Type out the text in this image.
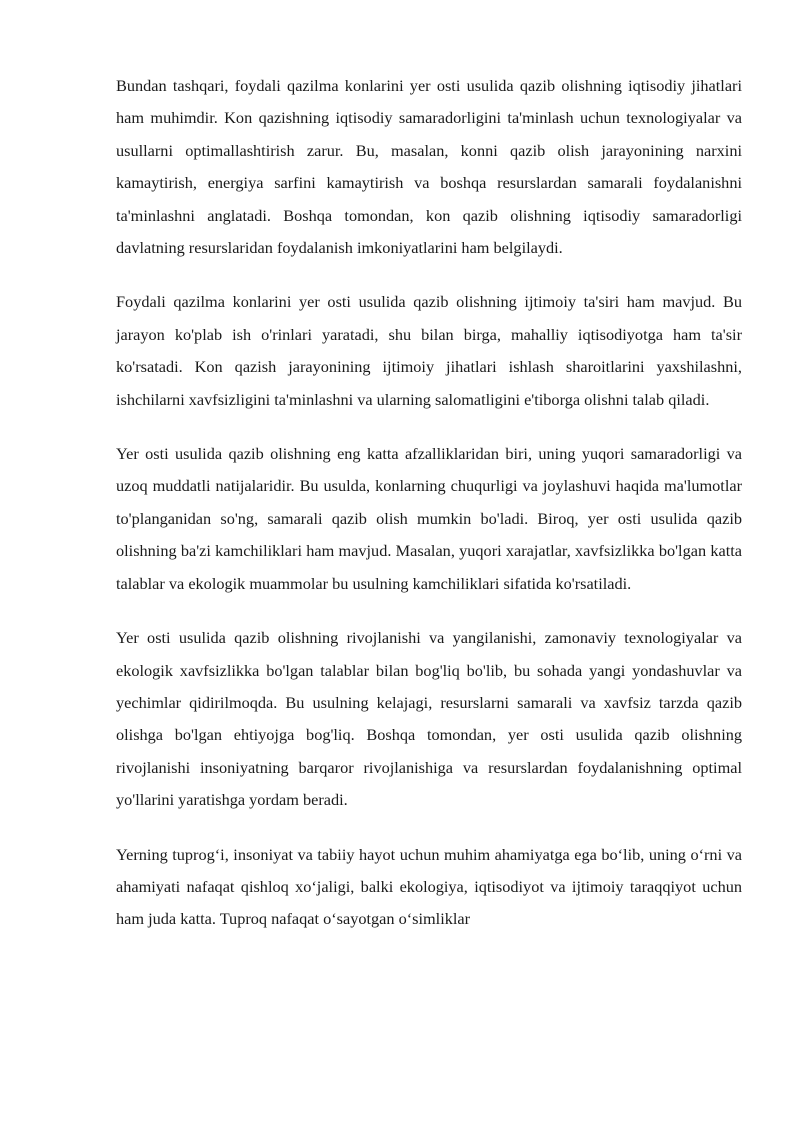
Bundan tashqari, foydali qazilma konlarini yer osti usulida qazib olishning iqtisodiy jihatlari ham muhimdir. Kon qazishning iqtisodiy samaradorligini ta'minlash uchun texnologiyalar va usullarni optimallashtirish zarur. Bu, masalan, konni qazib olish jarayonining narxini kamaytirish, energiya sarfini kamaytirish va boshqa resurslardan samarali foydalanishni ta'minlashni anglatadi. Boshqa tomondan, kon qazib olishning iqtisodiy samaradorligi davlatning resurslaridan foydalanish imkoniyatlarini ham belgilaydi.

Foydali qazilma konlarini yer osti usulida qazib olishning ijtimoiy ta'siri ham mavjud. Bu jarayon ko'plab ish o'rinlari yaratadi, shu bilan birga, mahalliy iqtisodiyotga ham ta'sir ko'rsatadi. Kon qazish jarayonining ijtimoiy jihatlari ishlash sharoitlarini yaxshilashni, ishchilarni xavfsizligini ta'minlashni va ularning salomatligini e'tiborga olishni talab qiladi.

Yer osti usulida qazib olishning eng katta afzalliklaridan biri, uning yuqori samaradorligi va uzoq muddatli natijalaridir. Bu usulda, konlarning chuqurligi va joylashuvi haqida ma'lumotlar to'planganidan so'ng, samarali qazib olish mumkin bo'ladi. Biroq, yer osti usulida qazib olishning ba'zi kamchiliklari ham mavjud. Masalan, yuqori xarajatlar, xavfsizlikka bo'lgan katta talablar va ekologik muammolar bu usulning kamchiliklari sifatida ko'rsatiladi.

Yer osti usulida qazib olishning rivojlanishi va yangilanishi, zamonaviy texnologiyalar va ekologik xavfsizlikka bo'lgan talablar bilan bog'liq bo'lib, bu sohada yangi yondashuvlar va yechimlar qidirilmoqda. Bu usulning kelajagi, resurslarni samarali va xavfsiz tarzda qazib olishga bo'lgan ehtiyojga bog'liq. Boshqa tomondan, yer osti usulida qazib olishning rivojlanishi insoniyatning barqaror rivojlanishiga va resurslardan foydalanishning optimal yo'llarini yaratishga yordam beradi.

Yerning tuprog‘i, insoniyat va tabiiy hayot uchun muhim ahamiyatga ega bo‘lib, uning o‘rni va ahamiyati nafaqat qishloq xo‘jaligi, balki ekologiya, iqtisodiyot va ijtimoiy taraqqiyot uchun ham juda katta. Tuproq nafaqat o‘sayotgan o‘simliklar
